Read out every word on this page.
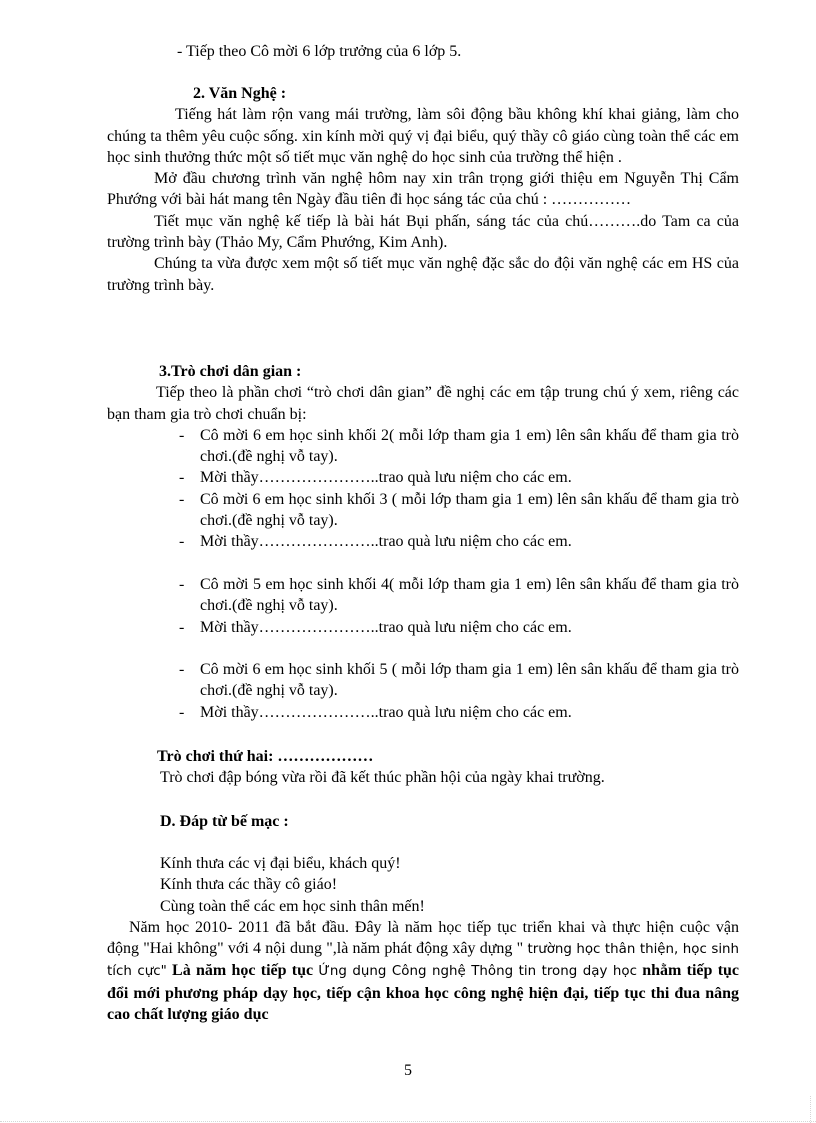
- Tiếp theo Cô mời 6 lớp trưởng của 6 lớp 5.

2. Văn Nghệ :

Tiếng hát làm rộn vang mái trường, làm sôi động bầu không khí khai giảng, làm cho chúng ta thêm yêu cuộc sống. xin kính mời quý vị đại biểu, quý thầy cô giáo cùng toàn thể các em học sinh thưởng thức một số tiết mục văn nghệ do học sinh của trường thể hiện .

Mở đầu chương trình văn nghệ hôm nay xin trân trọng giới thiệu em Nguyễn Thị Cẩm Phướng với bài hát mang tên Ngày đầu tiên đi học sáng tác của chú : ……………

Tiết mục văn nghệ kế tiếp là bài hát Bụi phấn, sáng tác của chú……….do Tam ca của trường trình bày (Thảo My, Cẩm Phướng, Kim Anh).

Chúng ta vừa được xem một số tiết mục văn nghệ đặc sắc do đội văn nghệ các em HS của trường trình bày.

3.Trò chơi dân gian :

Tiếp theo là phần chơi “trò chơi dân gian” đề nghị các em tập trung chú ý xem, riêng các bạn tham gia trò chơi chuẩn bị:

- Cô mời 6 em học sinh khối 2( mỗi lớp tham gia 1 em) lên sân khấu để tham gia trò chơi.(đề nghị vỗ tay).
- Mời thầy…………………..trao quà lưu niệm cho các em.
- Cô mời 6 em học sinh khối 3 ( mỗi lớp tham gia 1 em) lên sân khấu để tham gia trò chơi.(đề nghị vỗ tay).
- Mời thầy…………………..trao quà lưu niệm cho các em.
- Cô mời 5 em học sinh khối 4( mỗi lớp tham gia 1 em) lên sân khấu để tham gia trò chơi.(đề nghị vỗ tay).
- Mời thầy…………………..trao quà lưu niệm cho các em.
- Cô mời 6 em học sinh khối 5 ( mỗi lớp tham gia 1 em) lên sân khấu để tham gia trò chơi.(đề nghị vỗ tay).
- Mời thầy…………………..trao quà lưu niệm cho các em.

Trò chơi thứ hai: ………………

Trò chơi đập bóng vừa rồi đã kết thúc phần hội của ngày khai trường.

D. Đáp từ bế mạc :

Kính thưa các vị đại biểu, khách quý!

Kính thưa các thầy cô giáo!

Cùng toàn thể các em học sinh thân mến!

Năm học 2010- 2011 đã bắt đầu. Đây là năm học tiếp tục triển khai và thực hiện cuộc vận động "Hai không" với 4 nội dung ",là năm phát động xây dựng " trường học thân thiện, học sinh tích cực" Là năm học tiếp tục Ứng dụng Công nghệ Thông tin trong dạy học nhằm tiếp tục đổi mới phương pháp dạy học, tiếp cận khoa học công nghệ hiện đại, tiếp tục thi đua nâng cao chất lượng giáo dục

5
